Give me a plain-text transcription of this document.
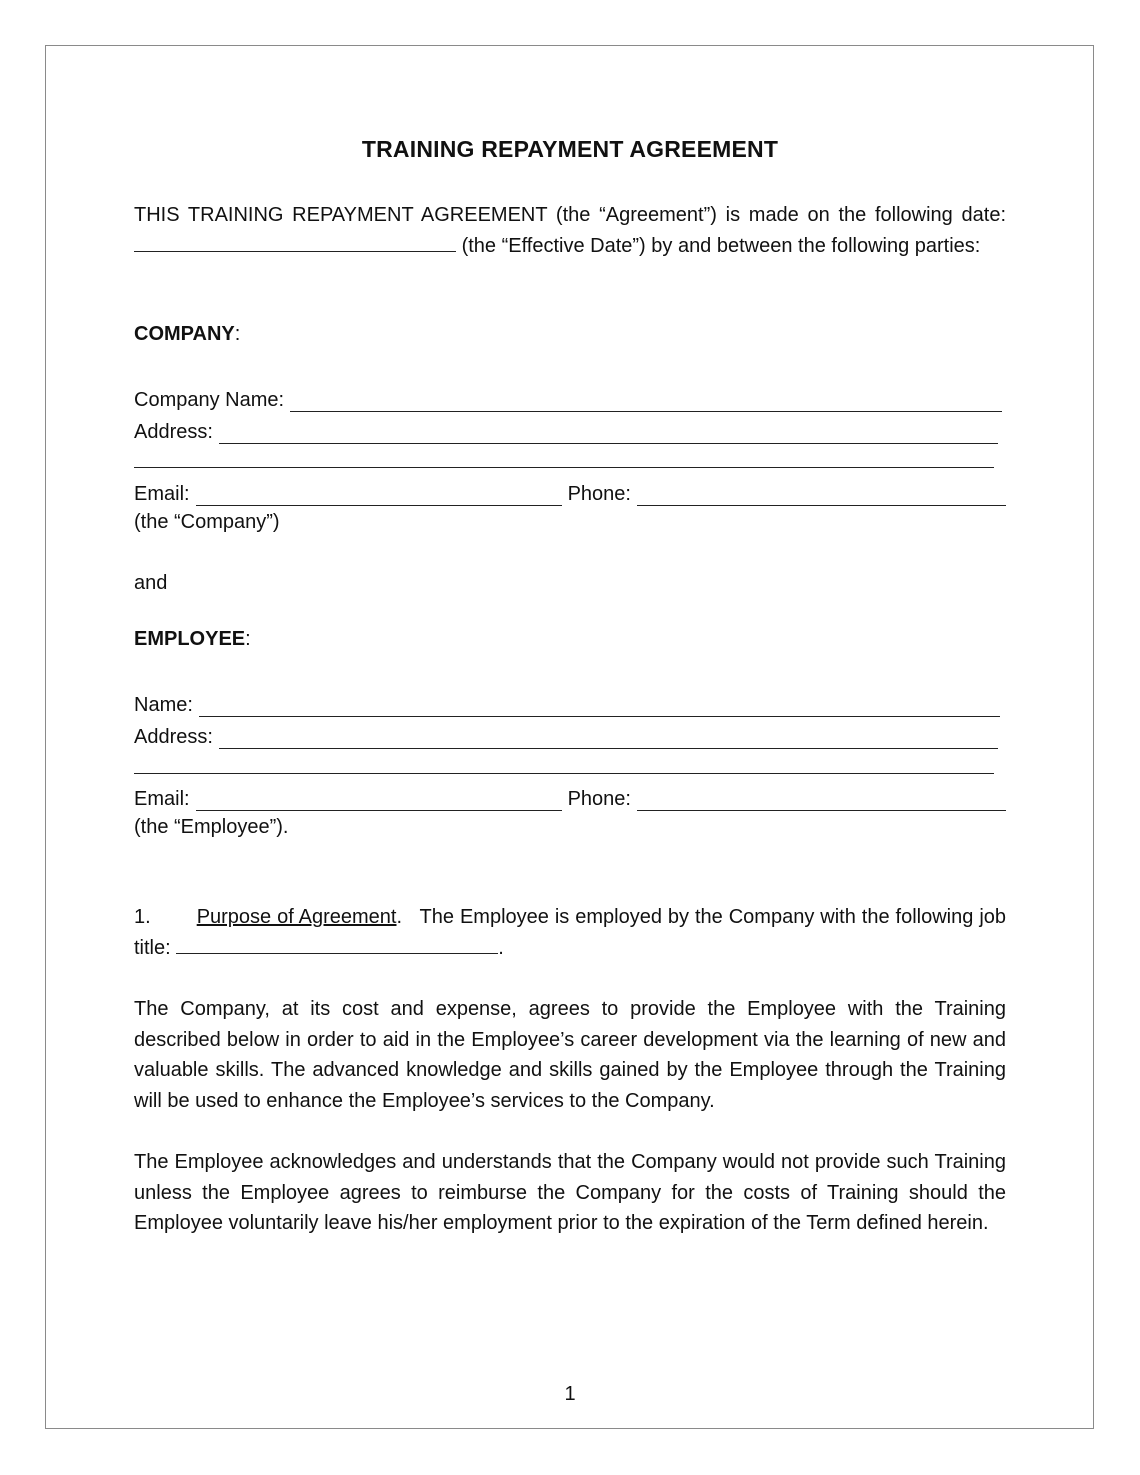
TRAINING REPAYMENT AGREEMENT
THIS TRAINING REPAYMENT AGREEMENT (the “Agreement”) is made on the following date:  (the “Effective Date”) by and between the following parties:
COMPANY:
Company Name:
Address:
Email:	Phone:
(the “Company”)
and
EMPLOYEE:
Name:
Address:
Email:	Phone:
(the “Employee”).
1. Purpose of Agreement.   The Employee is employed by the Company with the following job title:	.
The Company, at its cost and expense, agrees to provide the Employee with the Training described below in order to aid in the Employee’s career development via the learning of new and valuable skills. The advanced knowledge and skills gained by the Employee through the Training will be used to enhance the Employee’s services to the Company.
The Employee acknowledges and understands that the Company would not provide such Training unless the Employee agrees to reimburse the Company for the costs of Training should the Employee voluntarily leave his/her employment prior to the expiration of the Term defined herein.
1
